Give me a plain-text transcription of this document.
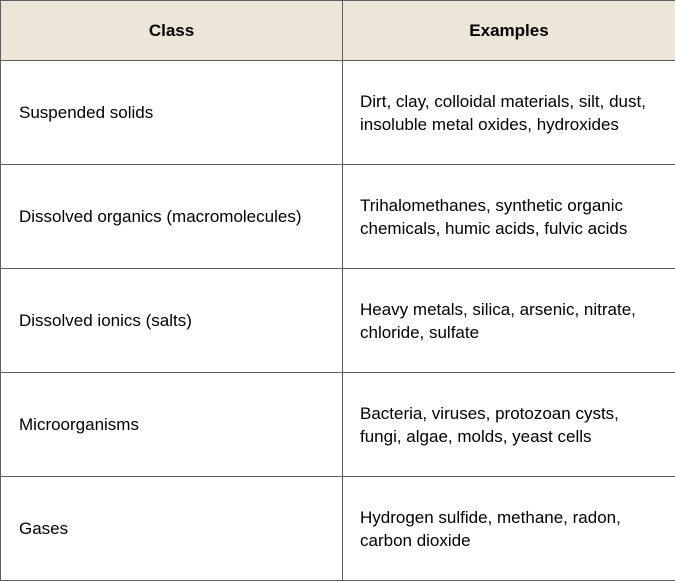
Class	Examples
Suspended solids	Dirt, clay, colloidal materials, silt, dust, insoluble metal oxides, hydroxides
Dissolved organics (macromolecules)	Trihalomethanes, synthetic organic chemicals, humic acids, fulvic acids
Dissolved ionics (salts)	Heavy metals, silica, arsenic, nitrate, chloride, sulfate
Microorganisms	Bacteria, viruses, protozoan cysts, fungi, algae, molds, yeast cells
Gases	Hydrogen sulfide, methane, radon, carbon dioxide
